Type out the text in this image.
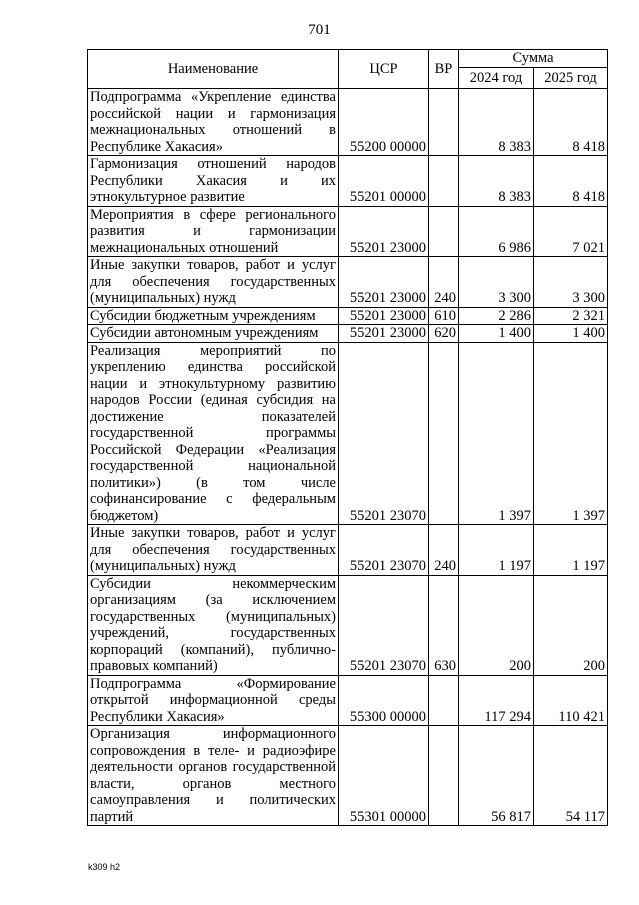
701
Наименование	ЦСР	ВР	Сумма	
			2024 год	2025 год
Подпрограмма «Укрепление единства российской нации и гармонизация межнациональных отношений в Республике Хакасия»	55200 00000		8 383	8 418
Гармонизация отношений народов Республики Хакасия и их этнокультурное развитие	55201 00000		8 383	8 418
Мероприятия в сфере регионального развития и гармонизации межнациональных отношений	55201 23000		6 986	7 021
Иные закупки товаров, работ и услуг для обеспечения государственных (муниципальных) нужд	55201 23000	240	3 300	3 300
Субсидии бюджетным учреждениям	55201 23000	610	2 286	2 321
Субсидии автономным учреждениям	55201 23000	620	1 400	1 400
Реализация мероприятий по укреплению единства российской нации и этнокультурному развитию народов России (единая субсидия на достижение показателей государственной программы Российской Федерации «Реализация государственной национальной политики») (в том числе софинансирование с федеральным бюджетом)	55201 23070		1 397	1 397
Иные закупки товаров, работ и услуг для обеспечения государственных (муниципальных) нужд	55201 23070	240	1 197	1 197
Субсидии некоммерческим организациям (за исключением государственных (муниципальных) учреждений, государственных корпораций (компаний), публично-правовых компаний)	55201 23070	630	200	200
Подпрограмма «Формирование открытой информационной среды Республики Хакасия»	55300 00000		117 294	110 421
Организация информационного сопровождения в теле- и радиоэфире деятельности органов государственной власти, органов местного самоуправления и политических партий	55301 00000		56 817	54 117
k309 h2
